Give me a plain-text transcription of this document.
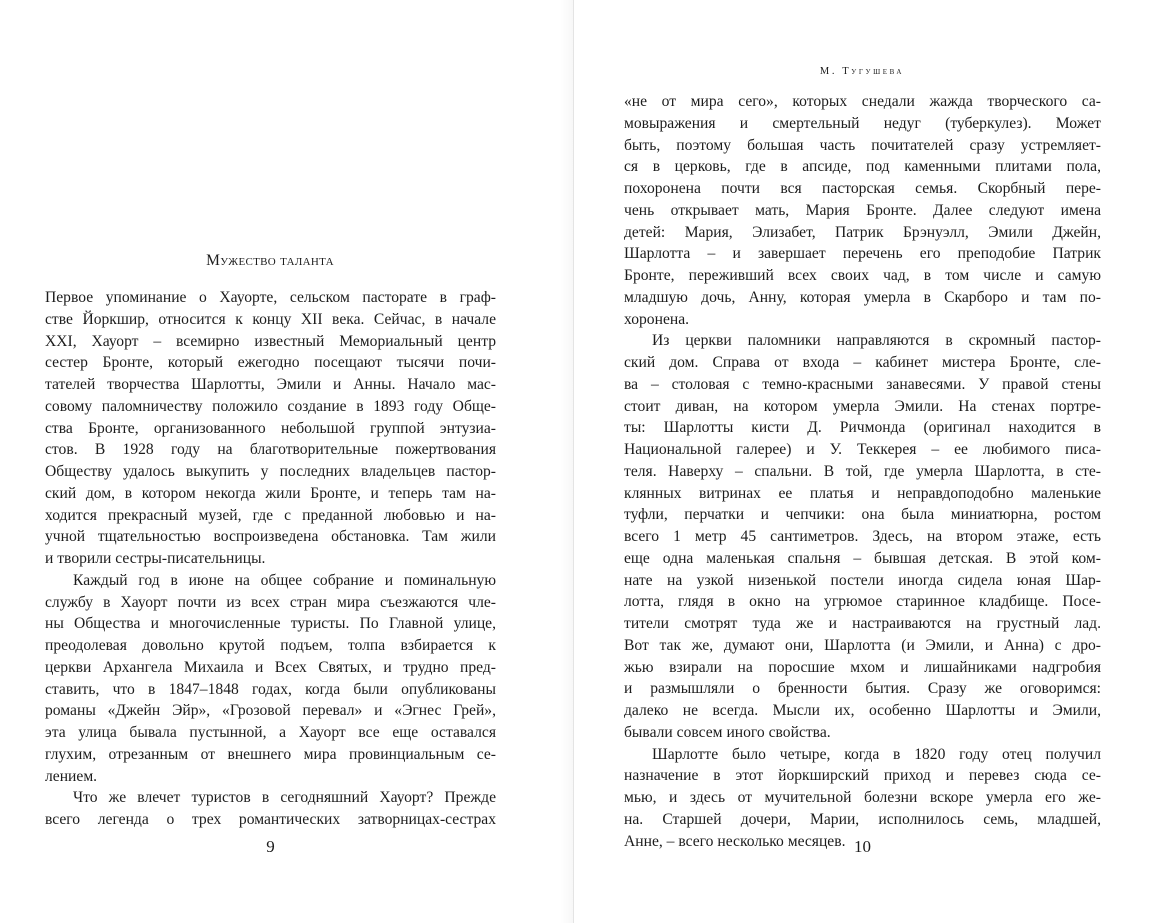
Мужество таланта
Первое упоминание о Хауорте, сельском пасторате в граф-
стве Йоркшир, относится к концу XII века. Сейчас, в начале
XXI, Хауорт – всемирно известный Мемориальный центр
сестер Бронте, который ежегодно посещают тысячи почи-
тателей творчества Шарлотты, Эмили и Анны. Начало мас-
совому паломничеству положило создание в 1893 году Обще-
ства Бронте, организованного небольшой группой энтузиа-
стов. В 1928 году на благотворительные пожертвования
Обществу удалось выкупить у последних владельцев пастор-
ский дом, в котором некогда жили Бронте, и теперь там на-
ходится прекрасный музей, где с преданной любовью и на-
учной тщательностью воспроизведена обстановка. Там жили
и творили сестры-писательницы.
Каждый год в июне на общее собрание и поминальную
службу в Хауорт почти из всех стран мира съезжаются чле-
ны Общества и многочисленные туристы. По Главной улице,
преодолевая довольно крутой подъем, толпа взбирается к
церкви Архангела Михаила и Всех Святых, и трудно пред-
ставить, что в 1847–1848 годах, когда были опубликованы
романы «Джейн Эйр», «Грозовой перевал» и «Эгнес Грей»,
эта улица бывала пустынной, а Хауорт все еще оставался
глухим, отрезанным от внешнего мира провинциальным се-
лением.
Что же влечет туристов в сегодняшний Хауорт? Прежде
всего легенда о трех романтических затворницах-сестрах
9
М. Тугушева
«не от мира сего», которых снедали жажда творческого са-
мовыражения и смертельный недуг (туберкулез). Может
быть, поэтому большая часть почитателей сразу устремляет-
ся в церковь, где в апсиде, под каменными плитами пола,
похоронена почти вся пасторская семья. Скорбный пере-
чень открывает мать, Мария Бронте. Далее следуют имена
детей: Мария, Элизабет, Патрик Брэнуэлл, Эмили Джейн,
Шарлотта – и завершает перечень его преподобие Патрик
Бронте, переживший всех своих чад, в том числе и самую
младшую дочь, Анну, которая умерла в Скарборо и там по-
хоронена.
Из церкви паломники направляются в скромный пастор-
ский дом. Справа от входа – кабинет мистера Бронте, сле-
ва – столовая с темно-красными занавесями. У правой стены
стоит диван, на котором умерла Эмили. На стенах портре-
ты: Шарлотты кисти Д. Ричмонда (оригинал находится в
Национальной галерее) и У. Теккерея – ее любимого писа-
теля. Наверху – спальни. В той, где умерла Шарлотта, в сте-
клянных витринах ее платья и неправдоподобно маленькие
туфли, перчатки и чепчики: она была миниатюрна, ростом
всего 1 метр 45 сантиметров. Здесь, на втором этаже, есть
еще одна маленькая спальня – бывшая детская. В этой ком-
нате на узкой низенькой постели иногда сидела юная Шар-
лотта, глядя в окно на угрюмое старинное кладбище. Посе-
тители смотрят туда же и настраиваются на грустный лад.
Вот так же, думают они, Шарлотта (и Эмили, и Анна) с дро-
жью взирали на поросшие мхом и лишайниками надгробия
и размышляли о бренности бытия. Сразу же оговоримся:
далеко не всегда. Мысли их, особенно Шарлотты и Эмили,
бывали совсем иного свойства.
Шарлотте было четыре, когда в 1820 году отец получил
назначение в этот йоркширский приход и перевез сюда се-
мью, и здесь от мучительной болезни вскоре умерла его же-
на. Старшей дочери, Марии, исполнилось семь, младшей,
Анне, – всего несколько месяцев. 10
